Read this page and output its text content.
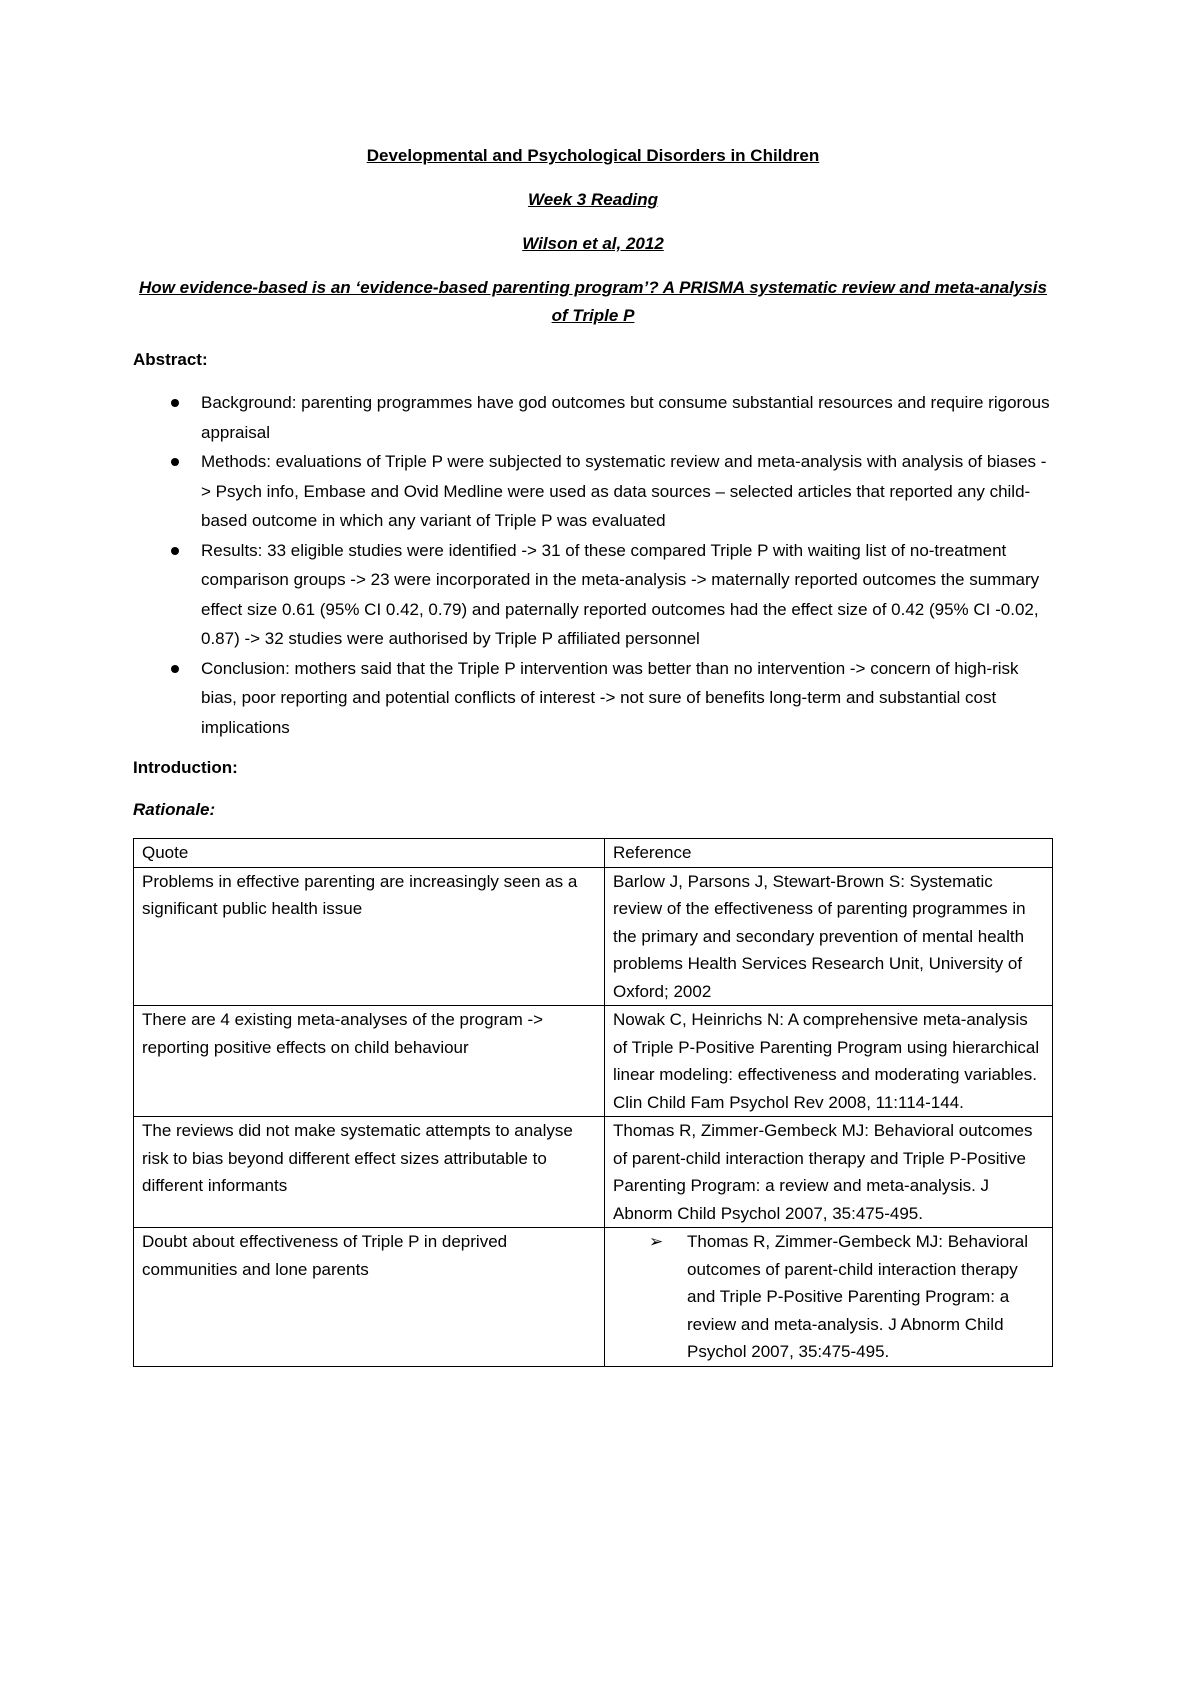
Developmental and Psychological Disorders in Children
Week 3 Reading
Wilson et al, 2012
How evidence-based is an ‘evidence-based parenting program’? A PRISMA systematic review and meta-analysis of Triple P
Abstract:
Background: parenting programmes have god outcomes but consume substantial resources and require rigorous appraisal
Methods: evaluations of Triple P were subjected to systematic review and meta-analysis with analysis of biases -> Psych info, Embase and Ovid Medline were used as data sources – selected articles that reported any child-based outcome in which any variant of Triple P was evaluated
Results: 33 eligible studies were identified -> 31 of these compared Triple P with waiting list of no-treatment comparison groups -> 23 were incorporated in the meta-analysis -> maternally reported outcomes the summary effect size 0.61 (95% CI 0.42, 0.79) and paternally reported outcomes had the effect size of 0.42 (95% CI -0.02, 0.87) -> 32 studies were authorised by Triple P affiliated personnel
Conclusion: mothers said that the Triple P intervention was better than no intervention -> concern of high-risk bias, poor reporting and potential conflicts of interest -> not sure of benefits long-term and substantial cost implications
Introduction:
Rationale:
Quote	Reference
Problems in effective parenting are increasingly seen as a significant public health issue	Barlow J, Parsons J, Stewart-Brown S: Systematic review of the effectiveness of parenting programmes in the primary and secondary prevention of mental health problems Health Services Research Unit, University of Oxford; 2002
There are 4 existing meta-analyses of the program -> reporting positive effects on child behaviour	Nowak C, Heinrichs N: A comprehensive meta-analysis of Triple P-Positive Parenting Program using hierarchical linear modeling: effectiveness and moderating variables. Clin Child Fam Psychol Rev 2008, 11:114-144.
The reviews did not make systematic attempts to analyse risk to bias beyond different effect sizes attributable to different informants	Thomas R, Zimmer-Gembeck MJ: Behavioral outcomes of parent-child interaction therapy and Triple P-Positive Parenting Program: a review and meta-analysis. J Abnorm Child Psychol 2007, 35:475-495.
Doubt about effectiveness of Triple P in deprived communities and lone parents	➢ Thomas R, Zimmer-Gembeck MJ: Behavioral outcomes of parent-child interaction therapy and Triple P-Positive Parenting Program: a review and meta-analysis. J Abnorm Child Psychol 2007, 35:475-495.
